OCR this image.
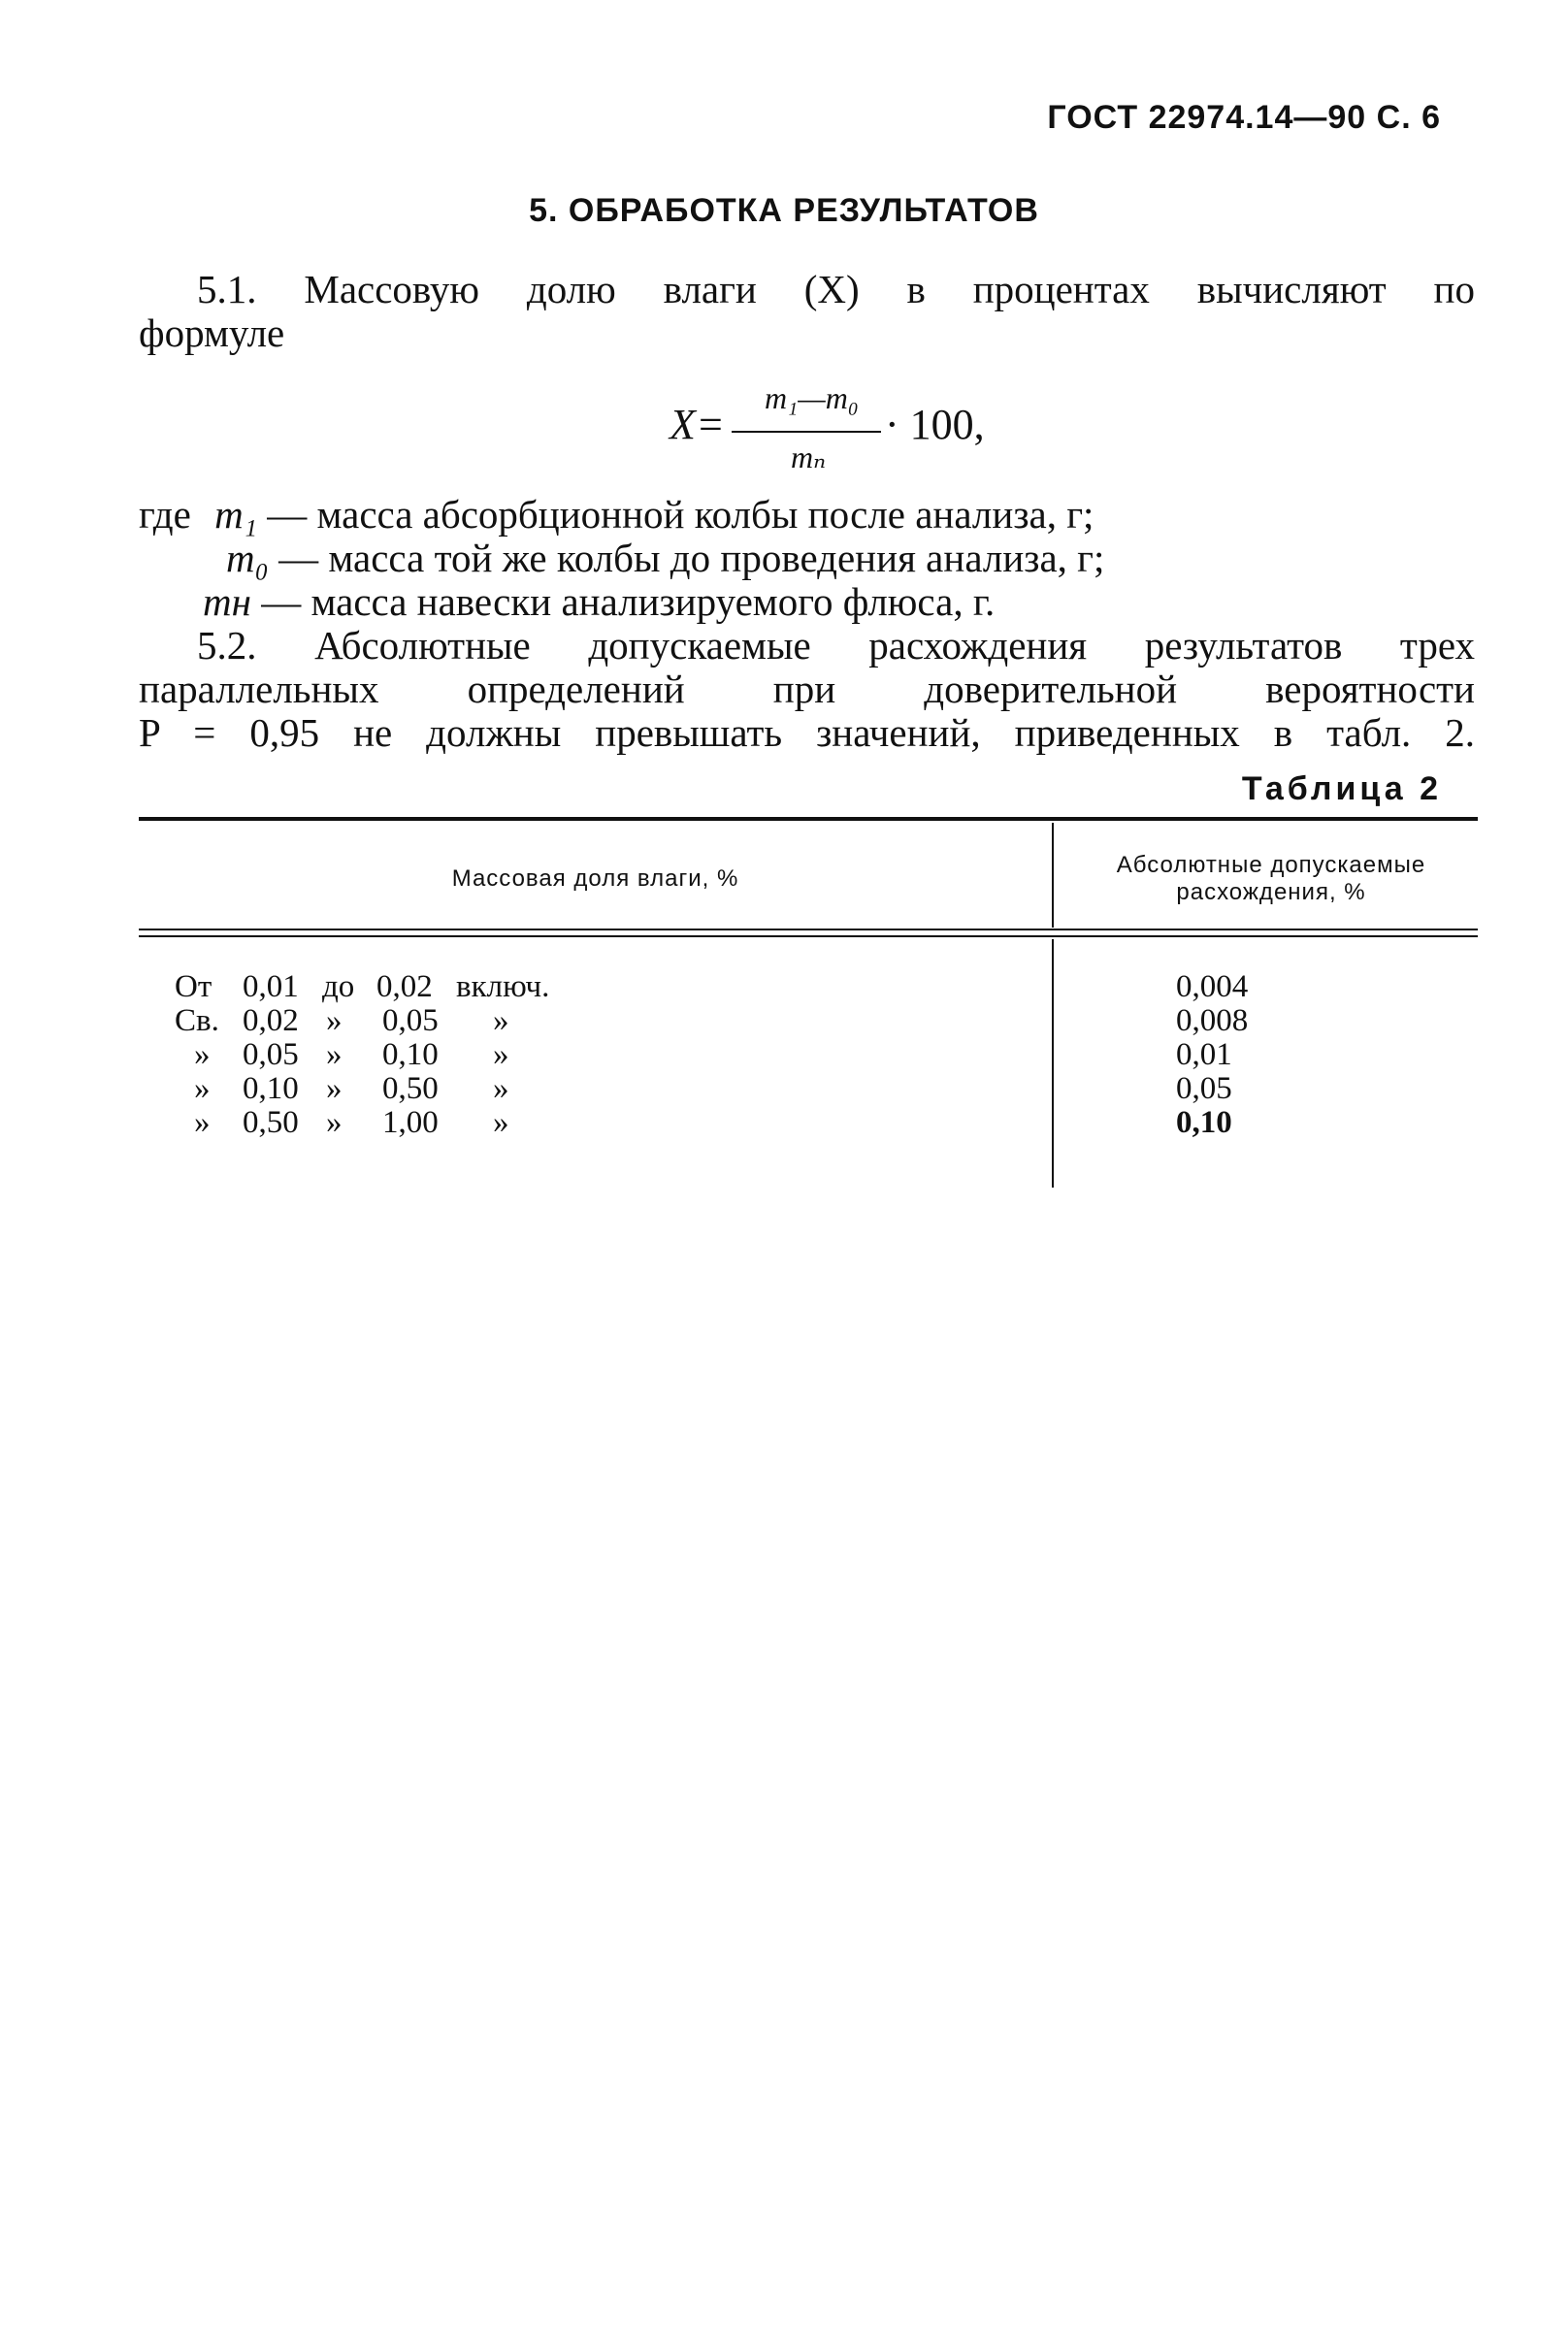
ГОСТ 22974.14—90 С. 6
5. ОБРАБОТКА РЕЗУЛЬТАТОВ
5.1. Массовую долю влаги (X) в процентах вычисляют по
формуле
X =
m₁—m₀
mₙ
· 100,
где m₁ — масса абсорбционной колбы после анализа, г;
m₀ — масса той же колбы до проведения анализа, г;
mн — масса навески анализируемого флюса, г.
5.2. Абсолютные допускаемые расхождения результатов трех
параллельных определений при доверительной вероятности
P = 0,95 не должны превышать значений, приведенных в табл. 2.
Таблица 2
Массовая доля влаги, %
Абсолютные допускаемые расхождения, %
От 0,01 до 0,02 включ.	0,004
Св. 0,02 » 0,05 »	0,008
» 0,05 » 0,10 »	0,01
» 0,10 » 0,50 »	0,05
» 0,50 » 1,00 »	0,10
